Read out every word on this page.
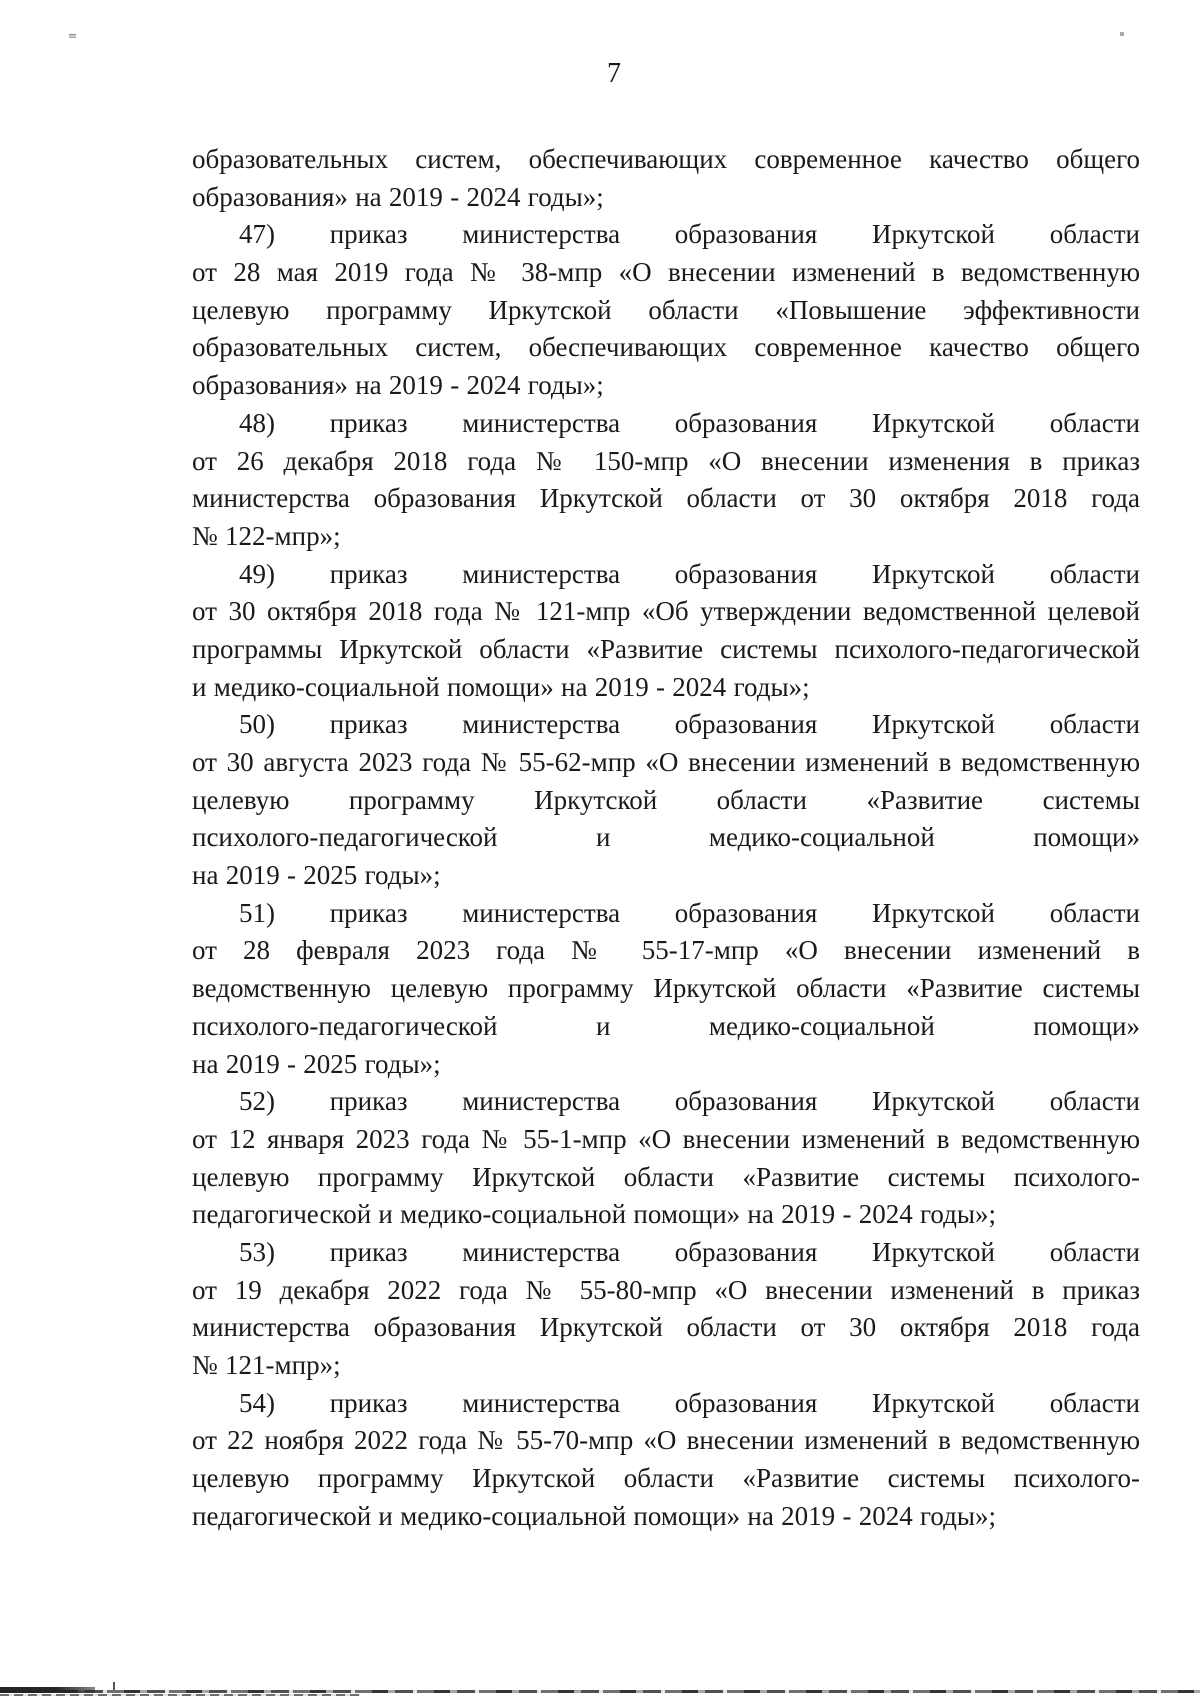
7
образовательных систем, обеспечивающих современное качество общего
образования» на 2019 - 2024 годы»;
47) приказ министерства образования Иркутской области
от 28 мая 2019 года № 38-мпр «О внесении изменений в ведомственную
целевую программу Иркутской области «Повышение эффективности
образовательных систем, обеспечивающих современное качество общего
образования» на 2019 - 2024 годы»;
48) приказ министерства образования Иркутской области
от 26 декабря 2018 года № 150-мпр «О внесении изменения в приказ
министерства образования Иркутской области от 30 октября 2018 года
№ 122-мпр»;
49) приказ министерства образования Иркутской области
от 30 октября 2018 года № 121-мпр «Об утверждении ведомственной целевой
программы Иркутской области «Развитие системы психолого-педагогической
и медико-социальной помощи» на 2019 - 2024 годы»;
50) приказ министерства образования Иркутской области
от 30 августа 2023 года № 55-62-мпр «О внесении изменений в ведомственную
целевую программу Иркутской области «Развитие системы
психолого-педагогической и медико-социальной помощи»
на 2019 - 2025 годы»;
51) приказ министерства образования Иркутской области
от 28 февраля 2023 года № 55-17-мпр «О внесении изменений в
ведомственную целевую программу Иркутской области «Развитие системы
психолого-педагогической и медико-социальной помощи»
на 2019 - 2025 годы»;
52) приказ министерства образования Иркутской области
от 12 января 2023 года № 55-1-мпр «О внесении изменений в ведомственную
целевую программу Иркутской области «Развитие системы психолого-
педагогической и медико-социальной помощи» на 2019 - 2024 годы»;
53) приказ министерства образования Иркутской области
от 19 декабря 2022 года № 55-80-мпр «О внесении изменений в приказ
министерства образования Иркутской области от 30 октября 2018 года
№ 121-мпр»;
54) приказ министерства образования Иркутской области
от 22 ноября 2022 года № 55-70-мпр «О внесении изменений в ведомственную
целевую программу Иркутской области «Развитие системы психолого-
педагогической и медико-социальной помощи» на 2019 - 2024 годы»;
